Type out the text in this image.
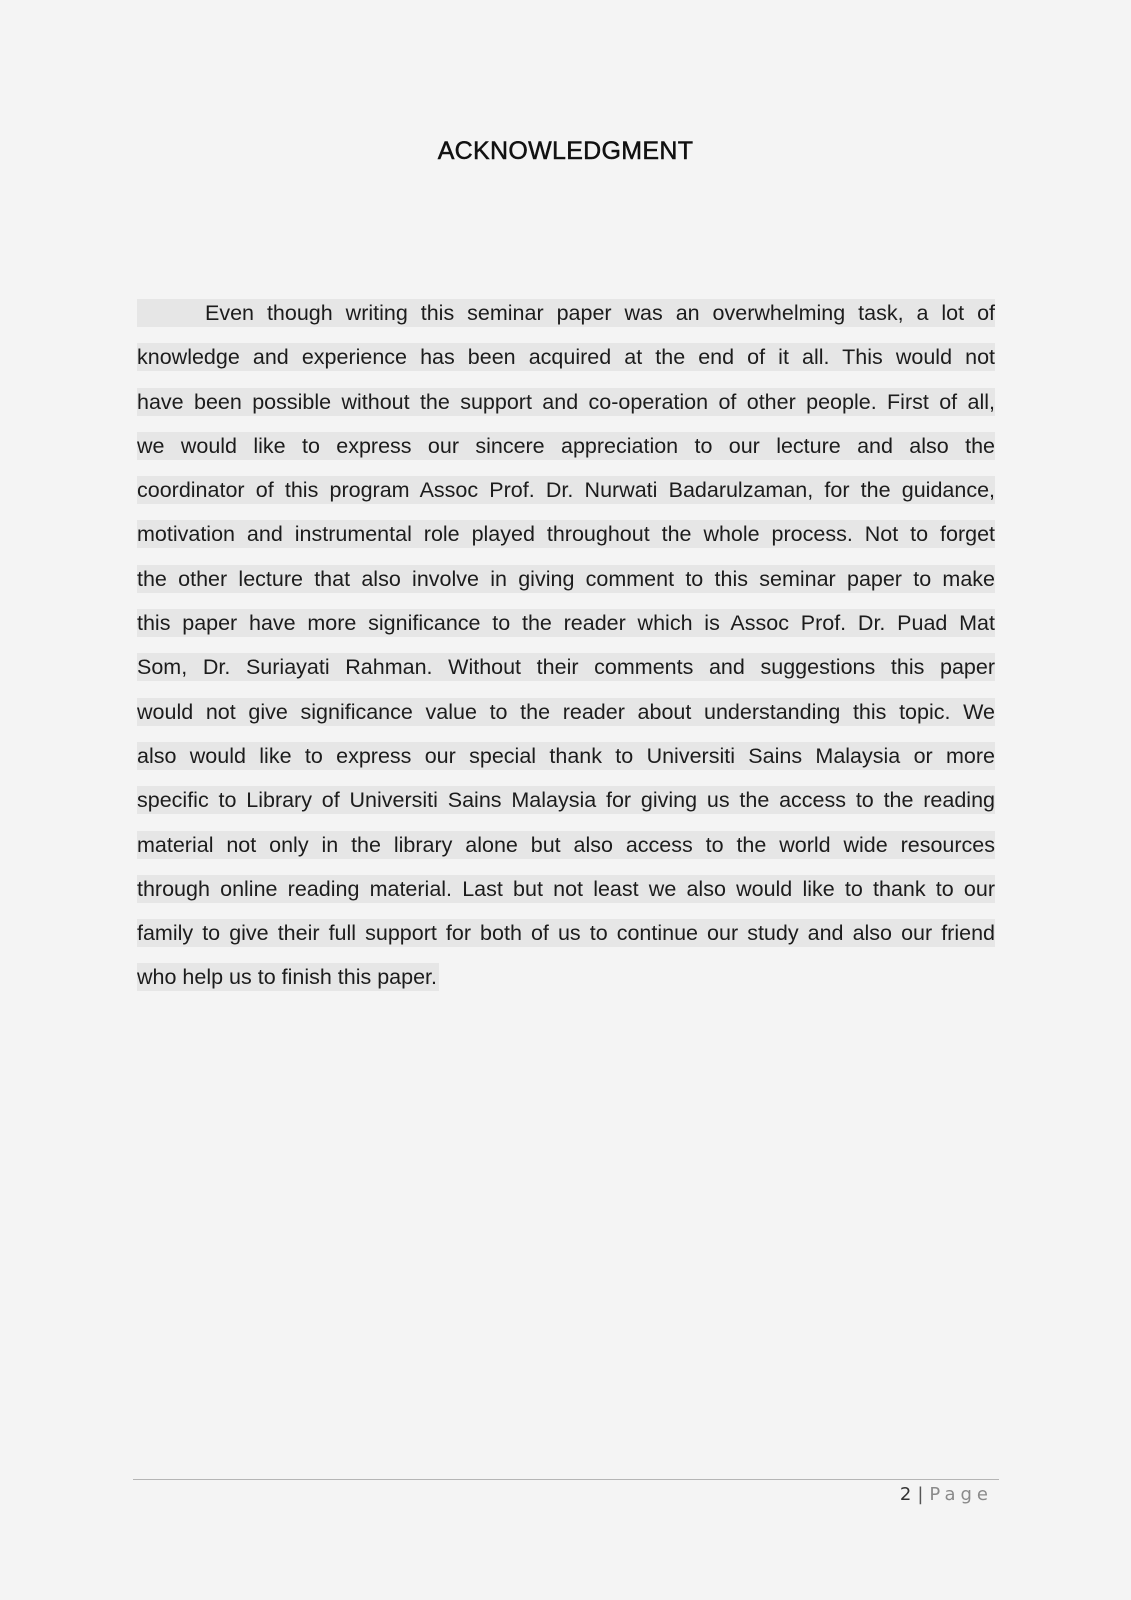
ACKNOWLEDGMENT
Even though writing this seminar paper was an overwhelming task, a lot of
knowledge and experience has been acquired at the end of it all. This would not
have been possible without the support and co-operation of other people. First of all,
we would like to express our sincere appreciation to our lecture and also the
coordinator of this program Assoc Prof. Dr. Nurwati Badarulzaman, for the guidance,
motivation and instrumental role played throughout the whole process. Not to forget
the other lecture that also involve in giving comment to this seminar paper to make
this paper have more significance to the reader which is Assoc Prof. Dr. Puad Mat
Som, Dr. Suriayati Rahman. Without their comments and suggestions this paper
would not give significance value to the reader about understanding this topic. We
also would like to express our special thank to Universiti Sains Malaysia or more
specific to Library of Universiti Sains Malaysia for giving us the access to the reading
material not only in the library alone but also access to the world wide resources
through online reading material. Last but not least we also would like to thank to our
family to give their full support for both of us to continue our study and also our friend
who help us to finish this paper.
2 | Page
